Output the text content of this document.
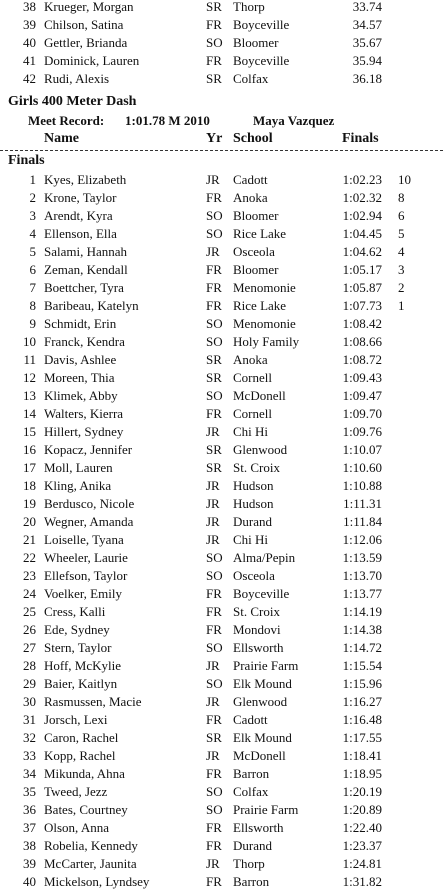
38 Krueger, Morgan	SR Thorp	33.74
39 Chilson, Satina	FR Boyceville	34.57
40 Gettler, Brianda	SO Bloomer	35.67
41 Dominick, Lauren	FR Boyceville	35.94
42 Rudi, Alexis	SR Colfax	36.18
Girls 400 Meter Dash
Meet Record: 1:01.78 M 2010	Maya Vazquez
Name	Yr School	Finals
Finals
1 Kyes, Elizabeth	JR Cadott	1:02.23 10
2 Krone, Taylor	FR Anoka	1:02.32 8
3 Arendt, Kyra	SO Bloomer	1:02.94 6
4 Ellenson, Ella	SO Rice Lake	1:04.45 5
5 Salami, Hannah	JR Osceola	1:04.62 4
6 Zeman, Kendall	FR Bloomer	1:05.17 3
7 Boettcher, Tyra	FR Menomonie	1:05.87 2
8 Baribeau, Katelyn	FR Rice Lake	1:07.73 1
9 Schmidt, Erin	SO Menomonie	1:08.42
10 Franck, Kendra	SO Holy Family	1:08.66
11 Davis, Ashlee	SR Anoka	1:08.72
12 Moreen, Thia	SR Cornell	1:09.43
13 Klimek, Abby	SO McDonell	1:09.47
14 Walters, Kierra	FR Cornell	1:09.70
15 Hillert, Sydney	JR Chi Hi	1:09.76
16 Kopacz, Jennifer	SR Glenwood	1:10.07
17 Moll, Lauren	SR St. Croix	1:10.60
18 Kling, Anika	JR Hudson	1:10.88
19 Berdusco, Nicole	JR Hudson	1:11.31
20 Wegner, Amanda	JR Durand	1:11.84
21 Loiselle, Tyana	JR Chi Hi	1:12.06
22 Wheeler, Laurie	SO Alma/Pepin	1:13.59
23 Ellefson, Taylor	SO Osceola	1:13.70
24 Voelker, Emily	FR Boyceville	1:13.77
25 Cress, Kalli	FR St. Croix	1:14.19
26 Ede, Sydney	FR Mondovi	1:14.38
27 Stern, Taylor	SO Ellsworth	1:14.72
28 Hoff, McKylie	JR Prairie Farm	1:15.54
29 Baier, Kaitlyn	SO Elk Mound	1:15.96
30 Rasmussen, Macie	JR Glenwood	1:16.27
31 Jorsch, Lexi	FR Cadott	1:16.48
32 Caron, Rachel	SR Elk Mound	1:17.55
33 Kopp, Rachel	JR McDonell	1:18.41
34 Mikunda, Ahna	FR Barron	1:18.95
35 Tweed, Jezz	SO Colfax	1:20.19
36 Bates, Courtney	SO Prairie Farm	1:20.89
37 Olson, Anna	FR Ellsworth	1:22.40
38 Robelia, Kennedy	FR Durand	1:23.37
39 McCarter, Jaunita	JR Thorp	1:24.81
40 Mickelson, Lyndsey	FR Barron	1:31.82
